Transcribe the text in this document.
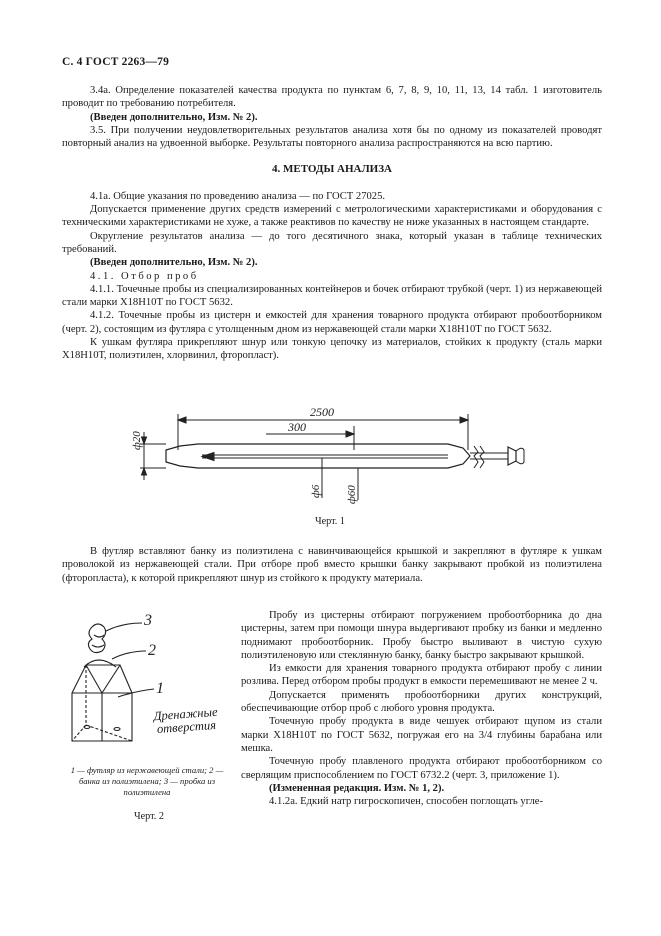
С. 4 ГОСТ 2263—79

3.4а. Определение показателей качества продукта по пунктам 6, 7, 8, 9, 10, 11, 13, 14 табл. 1 изготовитель проводит по требованию потребителя.

(Введен дополнительно, Изм. № 2).

3.5. При получении неудовлетворительных результатов анализа хотя бы по одному из показателей проводят повторный анализ на удвоенной выборке. Результаты повторного анализа распространяются на всю партию.

4. МЕТОДЫ АНАЛИЗА

4.1а. Общие указания по проведению анализа — по ГОСТ 27025.

Допускается применение других средств измерений с метрологическими характеристиками и оборудования с техническими характеристиками не хуже, а также реактивов по качеству не ниже указанных в настоящем стандарте.

Округление результатов анализа — до того десятичного знака, который указан в таблице технических требований.

(Введен дополнительно, Изм. № 2).

4.1. Отбор проб

4.1.1. Точечные пробы из специализированных контейнеров и бочек отбирают трубкой (черт. 1) из нержавеющей стали марки Х18Н10Т по ГОСТ 5632.

4.1.2. Точечные пробы из цистерн и емкостей для хранения товарного продукта отбирают пробоотборником (черт. 2), состоящим из футляра с утолщенным дном из нержавеющей стали марки Х18Н10Т по ГОСТ 5632.

К ушкам футляра прикрепляют шнур или тонкую цепочку из материалов, стойких к продукту (сталь марки Х18Н10Т, полиэтилен, хлорвинил, фторопласт).

2500
300
ф20
ф6 ф60
Черт. 1

В футляр вставляют банку из полиэтилена с навинчивающейся крышкой и закрепляют в футляре к ушкам проволокой из нержавеющей стали. При отборе проб вместо крышки банку закрывают пробкой из полиэтилена (фторопласта), к которой прикрепляют шнур из стойкого к продукту материала.

3
2
1
Дренажные отверстия
1 — футляр из нержавеющей стали; 2 — банка из полиэтилена; 3 — пробка из полиэтилена
Черт. 2

Пробу из цистерны отбирают погружением пробоотборника до дна цистерны, затем при помощи шнура выдергивают пробку из банки и медленно поднимают пробоотборник. Пробу быстро выливают в чистую сухую полиэтиленовую или стеклянную банку, банку быстро закрывают крышкой.

Из емкости для хранения товарного продукта отбирают пробу с линии розлива. Перед отбором пробы продукт в емкости перемешивают не менее 2 ч.

Допускается применять пробоотборники других конструкций, обеспечивающие отбор проб с любого уровня продукта.

Точечную пробу продукта в виде чешуек отбирают щупом из стали марки Х18Н10Т по ГОСТ 5632, погружая его на 3/4 глубины барабана или мешка.

Точечную пробу плавленого продукта отбирают пробоотборником со сверлящим приспособлением по ГОСТ 6732.2 (черт. 3, приложение 1).

(Измененная редакция. Изм. № 1, 2).

4.1.2а. Едкий натр гигроскопичен, способен поглощать угле-
